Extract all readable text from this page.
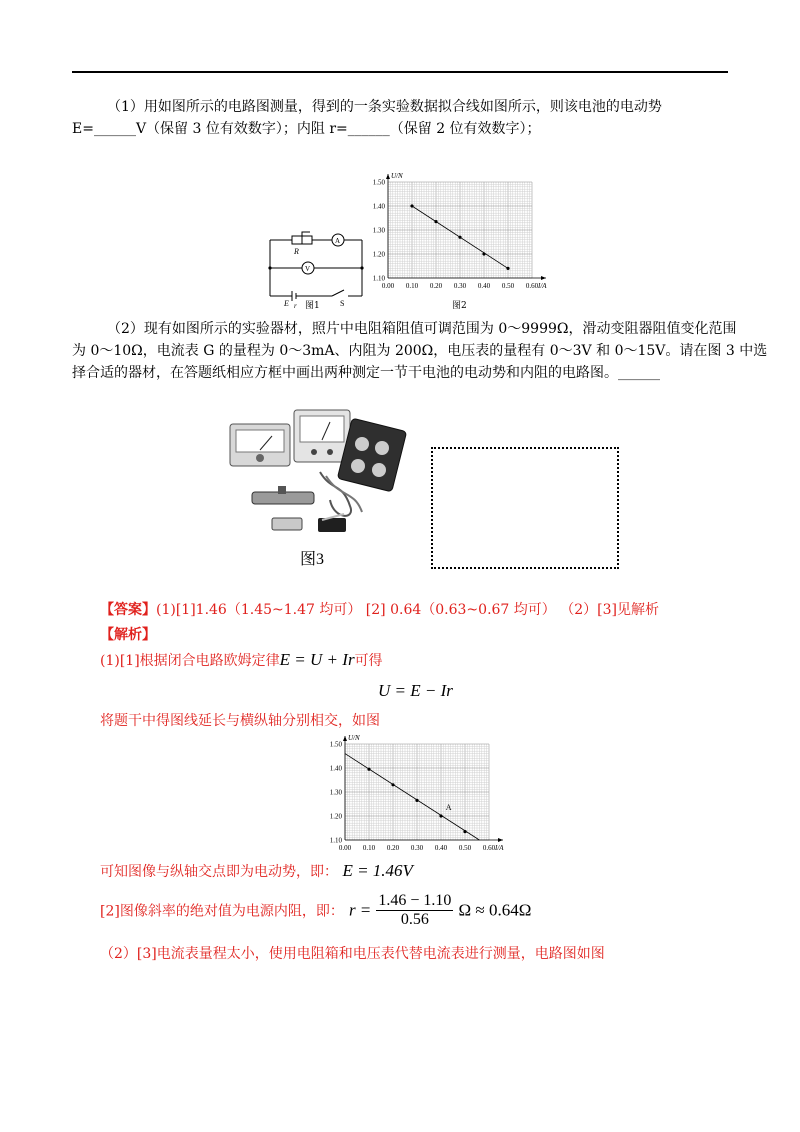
（1）用如图所示的电路图测量，得到的一条实验数据拟合线如图所示，则该电池的电动势
E=______V（保留 3 位有效数字）；内阻 r=______（保留 2 位有效数字）；
R
A
V
E r	S
图1
0.00 0.10 0.20 0.30 0.40 0.50 0.60
1.10
1.20
1.30
1.40
1.50
I/A
U/N
图2
（2）现有如图所示的实验器材，照片中电阻箱阻值可调范围为 0～9999Ω，滑动变阻器阻值变化范围
为 0～10Ω，电流表 G 的量程为 0～3mA、内阻为 200Ω，电压表的量程有 0～3V 和 0～15V。请在图 3 中选
择合适的器材，在答题纸相应方框中画出两种测定一节干电池的电动势和内阻的电路图。______
图3
【答案】(1)[1]1.46（1.45~1.47 均可） [2] 0.64（0.63~0.67 均可） （2）[3]见解析
【解析】
(1)[1]根据闭合电路欧姆定律E = U + Ir可得
U = E − Ir
将题干中得图线延长与横纵轴分别相交，如图
0.00 0.10 0.20 0.30 0.40 0.50 0.60
1.10
1.20
1.30
1.40
1.50
I/A
U/N
A
可知图像与纵轴交点即为电动势，即： E = 1.46V
[2]图像斜率的绝对值为电源内阻，即： $r = \frac{1.46 - 1.10}{0.56}$ Ω ≈ 0.64Ω
（2）[3]电流表量程太小，使用电阻箱和电压表代替电流表进行测量，电路图如图
